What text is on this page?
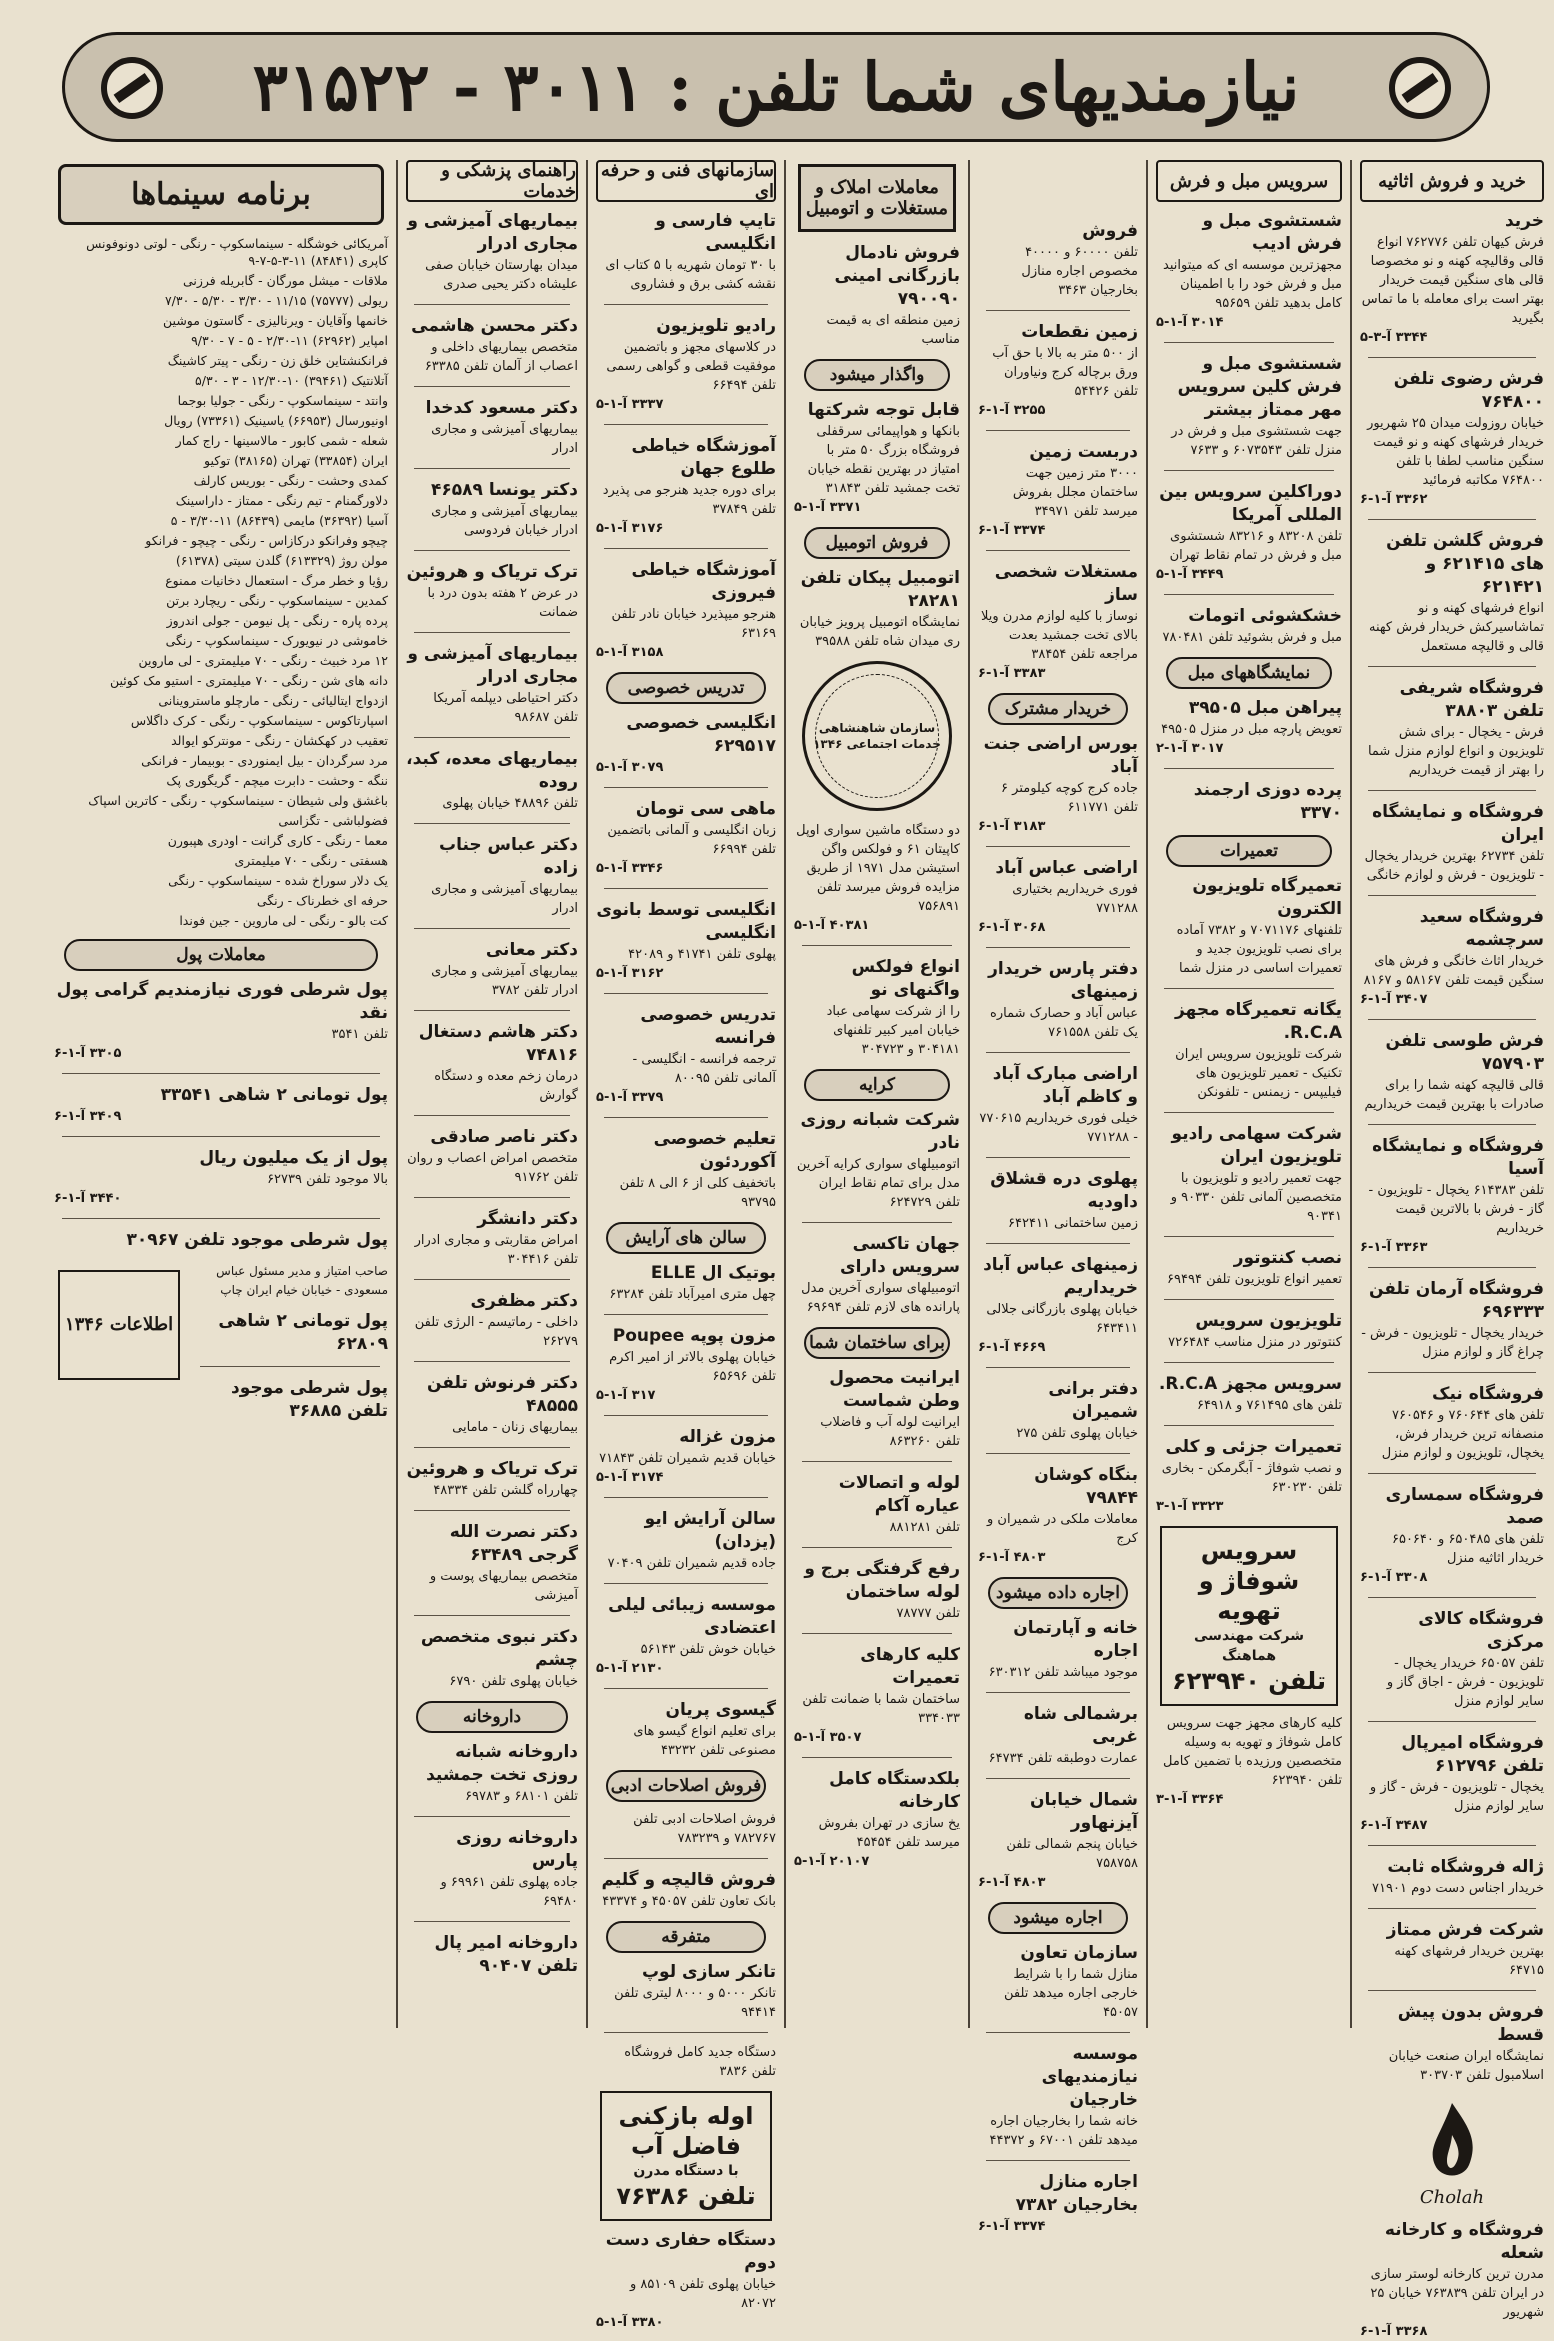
نیازمندیهای شما تلفن : ۳۰۱۱ - ۳۱۵۲۲
خرید و فروش اثاثیه
خرید
فرش کیهان تلفن ۷۶۲۷۷۶ انواع قالی وقالیچه کهنه و نو مخصوصا قالی های سنگین قیمت خریدار بهتر است برای معامله با ما تماس بگیرید
۳۳۴۴ آ-۳-۵
فرش رضوی تلفن ۷۶۴۸۰۰
خیابان روزولت میدان ۲۵ شهریور خریدار فرشهای کهنه و نو قیمت سنگین مناسب لطفا با تلفن ۷۶۴۸۰۰ مکاتبه فرمائید
۳۳۶۲ آ-۱-۶
فروش گلشن تلفن های ۶۲۱۴۱۵ و ۶۲۱۴۲۱
انواع فرشهای کهنه و نو تماشاسیرکش خریدار فرش کهنه قالی و قالیچه مستعمل
فروشگاه شریفی تلفن ۳۸۸۰۳
فرش - یخچال - برای شش تلویزیون و انواع لوازم منزل شما را بهتر از قیمت خریداریم
فروشگاه و نمایشگاه ایران
تلفن ۶۲۷۳۴ بهترین خریدار یخچال - تلویزیون - فرش و لوازم خانگی
فروشگاه سعید سرچشمه
خریدار اثاث خانگی و فرش های سنگین قیمت تلفن ۵۸۱۶۷ و ۸۱۶۷
۳۴۰۷ آ-۱-۶
فرش طوسی تلفن ۷۵۷۹۰۳
قالی قالیچه کهنه شما را برای صادرات با بهترین قیمت خریداریم
فروشگاه و نمایشگاه آسیا
تلفن ۶۱۴۳۸۳ یخچال - تلویزیون - گاز - فرش با بالاترین قیمت خریداریم
۳۳۶۳ آ-۱-۶
فروشگاه آرمان تلفن ۶۹۶۳۳۳
خریدار یخچال - تلویزیون - فرش - چراغ گاز و لوازم منزل
فروشگاه نیک
تلفن های ۷۶۰۶۴۴ و ۷۶۰۵۴۶ منصفانه ترین خریدار فرش، یخچال، تلویزیون و لوازم منزل
فروشگاه سمساری صمد
تلفن های ۶۵۰۴۸۵ و ۶۵۰۶۴۰ خریدار اثاثیه منزل
۳۳۰۸ آ-۱-۶
فروشگاه کالای مرکزی
تلفن ۶۵۰۵۷ خریدار یخچال - تلویزیون - فرش - اجاق گاز و سایر لوازم منزل
فروشگاه امیرپال تلفن ۶۱۲۷۹۶
یخچال - تلویزیون - فرش - گاز و سایر لوازم منزل
۳۴۸۷ آ-۱-۶
ژاله فروشگاه ثابت
خریدار اجناس دست دوم ۷۱۹۰۱
شرکت فرش ممتاز
بهترین خریدار فرشهای کهنه ۶۴۷۱۵
فروش بدون پیش قسط
نمایشگاه ایران صنعت خیابان اسلامبول تلفن ۳۰۳۷۰۳
Cholah
فروشگاه و کارخانه شعله
مدرن ترین کارخانه لوستر سازی در ایران تلفن ۷۶۳۸۳۹ خیابان ۲۵ شهریور
۳۳۶۸ آ-۱-۶
سرویس مبل و فرش
شستشوی مبل و فرش ادیب
مجهزترین موسسه ای که میتوانید مبل و فرش خود را با اطمینان کامل بدهید تلفن ۹۵۶۵۹
۳۰۱۴ آ-۱-۵
شستشوی مبل و فرش کلین سرویس مهر ممتاز بیشتر
جهت شستشوی مبل و فرش در منزل تلفن ۶۰۷۳۵۴۳ و ۷۶۳۳
دوراکلین سرویس بین المللی آمریکا
تلفن ۸۳۲۰۸ و ۸۳۲۱۶ شستشوی مبل و فرش در تمام نقاط تهران
۳۴۴۹ آ-۱-۵
خشکشوئی اتومات
مبل و فرش بشوئید تلفن ۷۸۰۴۸۱
نمایشگاههای مبل
پیراهن مبل ۳۹۵۰۵
تعویض پارچه مبل در منزل ۴۹۵۰۵
۳۰۱۷ آ-۱-۲
پرده دوزی ارجمند ۳۳۷۰
تعمیرات
تعمیرگاه تلویزیون الکترون
تلفنهای ۷۰۷۱۱۷۶ و ۷۳۸۲ آماده برای نصب تلویزیون جدید و تعمیرات اساسی در منزل شما
یگانه تعمیرگاه مجهز R.C.A.
شرکت تلویزیون سرویس ایران تکنیک - تعمیر تلویزیون های فیلیپس - زیمنس - تلفونکن
شرکت سهامی رادیو تلویزیون ایران
جهت تعمیر رادیو و تلویزیون با متخصصین آلمانی تلفن ۹۰۳۳۰ و ۹۰۳۴۱
نصب کنتوتور
تعمیر انواع تلویزیون تلفن ۶۹۴۹۴
تلویزیون سرویس
کنتوتور در منزل مناسب ۷۲۶۴۸۴
سرویس مجهز R.C.A.
تلفن های ۷۶۱۴۹۵ و ۶۴۹۱۸
تعمیرات جزئی و کلی
و نصب شوفاژ - آبگرمکن - بخاری تلفن ۶۳۰۲۳۰
۳۳۲۳ آ-۱-۳
سرویس شوفاژ و تهویه
شرکت مهندسی هماهنگ

تلفن ۶۲۳۹۴۰
کلیه کارهای مجهز جهت سرویس کامل شوفاژ و تهویه به وسیله متخصصین ورزیده با تضمین کامل تلفن ۶۲۳۹۴۰
۳۳۶۴ آ-۱-۳
فروش
تلفن ۶۰۰۰۰ و ۴۰۰۰۰ مخصوص اجاره منازل بخارجیان ۳۴۶۳
زمین نقطعات
از ۵۰۰ متر به بالا با حق آب ورق برچاله کرج ونیاوران تلفن ۵۴۴۲۶
۳۲۵۵ آ-۱-۶
دربست زمین
۳۰۰۰ متر زمین جهت ساختمان مجلل بفروش میرسد تلفن ۳۴۹۷۱
۳۳۷۴ آ-۱-۶
مستغلات شخصی ساز
نوساز با کلیه لوازم مدرن ویلا بالای تخت جمشید بعدت مراجعه تلفن ۳۸۴۵۴
۳۳۸۳ آ-۱-۶
خریدار مشترک
بورس اراضی جنت آباد
جاده کرج کوچه کیلومتر ۶ تلفن ۶۱۱۷۷۱
۳۱۸۳ آ-۱-۶
اراضی عباس آباد
فوری خریداریم بختیاری ۷۷۱۲۸۸
۳۰۶۸ آ-۱-۶
دفتر پارس خریدار زمینهای
عباس آباد و حصارک شماره یک تلفن ۷۶۱۵۵۸
اراضی مبارک آباد و کاظم آباد
خیلی فوری خریداریم ۷۷۰۶۱۵ - ۷۷۱۲۸۸
پهلوی دره قشلاق داودیه
زمین ساختمانی ۶۴۲۴۱۱
زمینهای عباس آباد خریداریم
خیابان پهلوی بازرگانی جلالی ۶۴۳۴۱۱
۴۶۶۹ آ-۱-۶
دفتر برانی شمیران
خیابان پهلوی تلفن ۲۷۵
بنگاه کوشان ۷۹۸۴۴
معاملات ملکی در شمیران و کرج
۴۸۰۳ آ-۱-۶
اجاره داده میشود
خانه و آپارتمان اجاره
موجود میباشد تلفن ۶۳۰۳۱۲
برشمالی شاه غربی
عمارت دوطبقه تلفن ۶۴۷۳۴
شمال خیابان آیزنهاور
خیابان پنجم شمالی تلفن ۷۵۸۷۵۸
۴۸۰۳ آ-۱-۶
اجاره میشود
سازمان تعاون
منازل شما را با شرایط خارجی اجاره میدهد تلفن ۴۵۰۵۷
موسسه نیازمندیهای خارجیان
خانه شما را بخارجیان اجاره میدهد تلفن ۶۷۰۰۱ و ۴۴۳۷۲
اجاره منازل بخارجیان ۷۳۸۲
۳۳۷۴ آ-۱-۶
معاملات املاک و مستغلات و اتومبیل
فروش نادمال بازرگانی امینی ۷۹۰۰۹۰
زمین منطقه ای به قیمت مناسب
واگذار میشود
قابل توجه شرکتها
بانکها و هواپیمائی سرقفلی فروشگاه بزرگ ۵۰ متر با امتیاز در بهترین نقطه خیابان تخت جمشید تلفن ۳۱۸۴۳
۳۳۷۱ آ-۱-۵
فروش اتومبیل
اتومبیل پیکان تلفن ۲۸۲۸۱
نمایشگاه اتومبیل پرویز خیابان ری میدان شاه تلفن ۳۹۵۸۸
سازمان شاهنشاهی خدمات اجتماعی ۱۳۴۶
دو دستگاه ماشین سواری اوپل کاپیتان ۶۱ و فولکس واگن استیشن مدل ۱۹۷۱ از طریق مزایده فروش میرسد تلفن ۷۵۶۸۹۱
۴۰۳۸۱ آ-۱-۵
انواع فولکس واگنهای نو
را از شرکت سهامی عباد خیابان امیر کبیر تلفنهای ۳۰۴۱۸۱ و ۳۰۴۷۲۳
کرایه
شرکت شبانه روزی نادر
اتومبیلهای سواری کرایه آخرین مدل برای تمام نقاط ایران تلفن ۶۲۴۷۲۹
جهان تاکسی سرویس دارای
اتومبیلهای سواری آخرین مدل پارانده های لازم تلفن ۶۹۶۹۴
برای ساختمان شما
ایرانیت محصول وطن شماست
ایرانیت لوله آب و فاضلاب تلفن ۸۶۳۲۶۰
لوله و اتصالات عیاره آکام
تلفن ۸۸۱۲۸۱
رفع گرفتگی برج و لوله ساختمان
تلفن ۷۸۷۷۷
کلیه کارهای تعمیرات
ساختمان شما با ضمانت تلفن ۳۳۴۰۳۳
۳۵۰۷ آ-۱-۵
بلکدستگاه کامل کارخانه
یخ سازی در تهران بفروش میرسد تلفن ۴۵۴۵۴
۲۰۱۰۷ آ-۱-۵
سازمانهای فنی و حرفه ای
تایپ فارسی و انگلیسی
با ۳۰ تومان شهریه با ۵ کتاب ای نقشه کشی برق و فشاروی
رادیو تلویزیون
در کلاسهای مجهز و باتضمین موفقیت قطعی و گواهی رسمی تلفن ۶۶۴۹۴
۳۳۳۷ آ-۱-۵
آموزشگاه خیاطی طلوع جهان
برای دوره جدید هنرجو می پذیرد تلفن ۳۷۸۴۹
۳۱۷۶ آ-۱-۵
آموزشگاه خیاطی فیروزی
هنرجو میپذیرد خیابان نادر تلفن ۶۳۱۶۹
۳۱۵۸ آ-۱-۵
تدریس خصوصی
انگلیسی خصوصی ۶۲۹۵۱۷
۳۰۷۹ آ-۱-۵
ماهی سی تومان
زبان انگلیسی و آلمانی باتضمین تلفن ۶۶۹۹۴
۳۳۴۶ آ-۱-۵
انگلیسی توسط بانوی انگلیسی
پهلوی تلفن ۴۱۷۴۱ و ۴۲۰۸۹
۳۱۶۲ آ-۱-۵
تدریس خصوصی فرانسه
ترجمه فرانسه - انگلیسی - آلمانی تلفن ۸۰۰۹۵
۳۳۷۹ آ-۱-۵
تعلیم خصوصی آکوردئون
باتخفیف کلی از ۶ الی ۸ تلفن ۹۳۷۹۵
سالن های آرایش
بوتیک ال ELLE
چهل متری امیرآباد تلفن ۶۳۲۸۴
مزون پوپه Poupee
خیابان پهلوی بالاتر از امیر اکرم تلفن ۶۵۶۹۶
۳۱۷ آ-۱-۵
مزون غزاله
خیابان قدیم شمیران تلفن ۷۱۸۴۳
۳۱۷۴ آ-۱-۵
سالن آرایش ایو (یزدان)
جاده قدیم شمیران تلفن ۷۰۴۰۹
موسسه زیبائی لیلی اعتضادی
خیابان خوش تلفن ۵۶۱۴۳
۲۱۳۰ آ-۱-۵
گیسوی پریان
برای تعلیم انواع گیسو های مصنوعی تلفن ۴۳۲۳۲
فروش اصلاحات ادبی
فروش اصلاحات ادبی تلفن ۷۸۲۷۶۷ و ۷۸۳۲۳۹
فروش قالیچه و گلیم
بانک تعاون تلفن ۴۵۰۵۷ و ۴۳۳۷۴
متفرقه
تانکر سازی لوپ
تانکر ۵۰۰۰ و ۸۰۰۰ لیتری تلفن ۹۴۴۱۴
دستگاه جدید کامل فروشگاه تلفن ۳۸۳۶
اوله بازکنی فاضل آب
با دستگاه مدرن

تلفن ۷۶۳۸۶
دستگاه حفاری دست دوم
خیابان پهلوی تلفن ۸۵۱۰۹ و ۸۲۰۷۲
۳۳۸۰ آ-۱-۵
راهنمای پزشکی و خدمات
بیماریهای آمیزشی و مجاری ادرار
میدان بهارستان خیابان صفی علیشاه دکتر یحیی صدری
دکتر محسن هاشمی
متخصص بیماریهای داخلی و اعصاب از آلمان تلفن ۶۳۳۸۵
دکتر مسعود کدخدا
بیماریهای آمیزشی و مجاری ادرار
دکتر یونسا ۴۶۵۸۹
بیماریهای آمیزشی و مجاری ادرار خیابان فردوسی
ترک تریاک و هروئین
در عرض ۲ هفته بدون درد با ضمانت
بیماریهای آمیزشی و مجاری ادرار
دکتر احتیاطی دیپلمه آمریکا تلفن ۹۸۶۸۷
بیماریهای معده، کبد، روده
تلفن ۴۸۸۹۶ خیابان پهلوی
دکتر عباس جناب زاده
بیماریهای آمیزشی و مجاری ادرار
دکتر معانی
بیماریهای آمیزشی و مجاری ادرار تلفن ۳۷۸۲
دکتر هاشم دستغال ۷۴۸۱۶
درمان زخم معده و دستگاه گوارش
دکتر ناصر صادقی
متخصص امراض اعصاب و روان تلفن ۹۱۷۶۲
دکتر دانشگر
امراض مقاربتی و مجاری ادرار تلفن ۳۰۴۴۱۶
دکتر مظفری
داخلی - رماتیسم - الرژی تلفن ۲۶۲۷۹
دکتر فرنوش تلفن ۴۸۵۵۵
بیماریهای زنان - مامایی
ترک تریاک و هروئین
چهارراه گلشن تلفن ۴۸۳۳۴
دکتر نصرت الله گرجی ۶۳۴۸۹
متخصص بیماریهای پوست و آمیزشی
دکتر نبوی متخصص چشم
خیابان پهلوی تلفن ۶۷۹۰
داروخانه
داروخانه شبانه روزی تخت جمشید
تلفن ۶۸۱۰۱ و ۶۹۷۸۳
داروخانه روزی پارس
جاده پهلوی تلفن ۶۹۹۶۱ و ۶۹۴۸۰
داروخانه امیر پال تلفن ۹۰۴۰۷
برنامه سینماها
آمریکائی خوشگله - سینماسکوپ - رنگی - لوتی دونوفونس کاپری (۸۴۸۴۱) ۱۱-۳-۵-۷-۹
ملاقات - میشل مورگان - گابریله فرزنی
ریولی (۷۵۷۷۷) ۱۱/۱۵ - ۳/۳۰ - ۵/۳۰ - ۷/۳۰
خانمها وآقایان - ویرنالیزی - گاستون موشین
امپایر (۶۲۹۶۲) ۱۱-۲/۳۰ - ۵ - ۷ - ۹/۳۰
فرانکنشتاین خلق زن - رنگی - پیتر کاشینگ
آتلانتیک (۳۹۴۶۱) ۱۰-۱۲/۳۰ - ۳ - ۵/۳۰
وانتد - سینماسکوپ - رنگی - جولیا بوجما
اونیورسال (۶۶۹۵۳) یاسینیک (۷۳۳۶۱) رویال
شعله - شمی کابور - مالاسینها - راج کمار
ایران (۳۳۸۵۴) تهران (۳۸۱۶۵) توکیو
کمدی وحشت - رنگی - بوریس کارلف
دلاورگمنام - تیم رنگی - ممتاز - داراسینک
آسیا (۳۶۳۹۲) مایمی (۸۶۴۳۹) ۱۱-۳/۳۰ - ۵
چیچو وفرانکو درکازاس - رنگی - چیچو - فرانکو
مولن روژ (۶۱۳۳۲۹) گلدن سیتی (۶۱۳۷۸)
رؤیا و خطر مرگ - استعمال دخانیات ممنوع
کمدین - سینماسکوپ - رنگی - ریچارد برتن
پرده پاره - رنگی - پل نیومن - جولی اندروز
خاموشی در نیویورک - سینماسکوپ - رنگی
۱۲ مرد خبیث - رنگی - ۷۰ میلیمتری - لی ماروین
دانه های شن - رنگی - ۷۰ میلیمتری - استیو مک کوئین
ازدواج ایتالیائی - رنگی - مارچلو ماستروینانی
اسپارتاکوس - سینماسکوپ - رنگی - کرک داگلاس
تعقیب در کهکشان - رنگی - مونترکو ایوالد
مرد سرگردان - بیل ایمنوردی - بوبیمار - فرانکی
ننگه - وحشت - دابرت میچم - گریگوری پک
باغشق ولی شیطان - سینماسکوپ - رنگی - کاترین اسپاک
فضولباشی - تگزاسی
معما - رنگی - کاری گرانت - اودری هپبورن
هسفتی - رنگی - ۷۰ میلیمتری
یک دلار سوراخ شده - سینماسکوپ - رنگی
حرفه ای خطرناک - رنگی
کت بالو - رنگی - لی ماروین - جین فوندا
معاملات پول
پول شرطی فوری نیازمندیم گرامی پول نقد
تلفن ۳۵۴۱
۳۳۰۵ آ-۱-۶
پول تومانی ۲ شاهی ۳۳۵۴۱
۳۴۰۹ آ-۱-۶
پول از یک میلیون ریال
بالا موجود تلفن ۶۲۷۳۹
۳۴۴۰ آ-۱-۶
پول شرطی موجود تلفن ۳۰۹۶۷
صاحب امتیاز و مدیر مسئول عباس مسعودی - خیابان خیام ایران چاپ
پول تومانی ۲ شاهی ۶۲۸۰۹
پول شرطی موجود تلفن ۳۶۸۸۵
اطلاعات ۱۳۴۶
